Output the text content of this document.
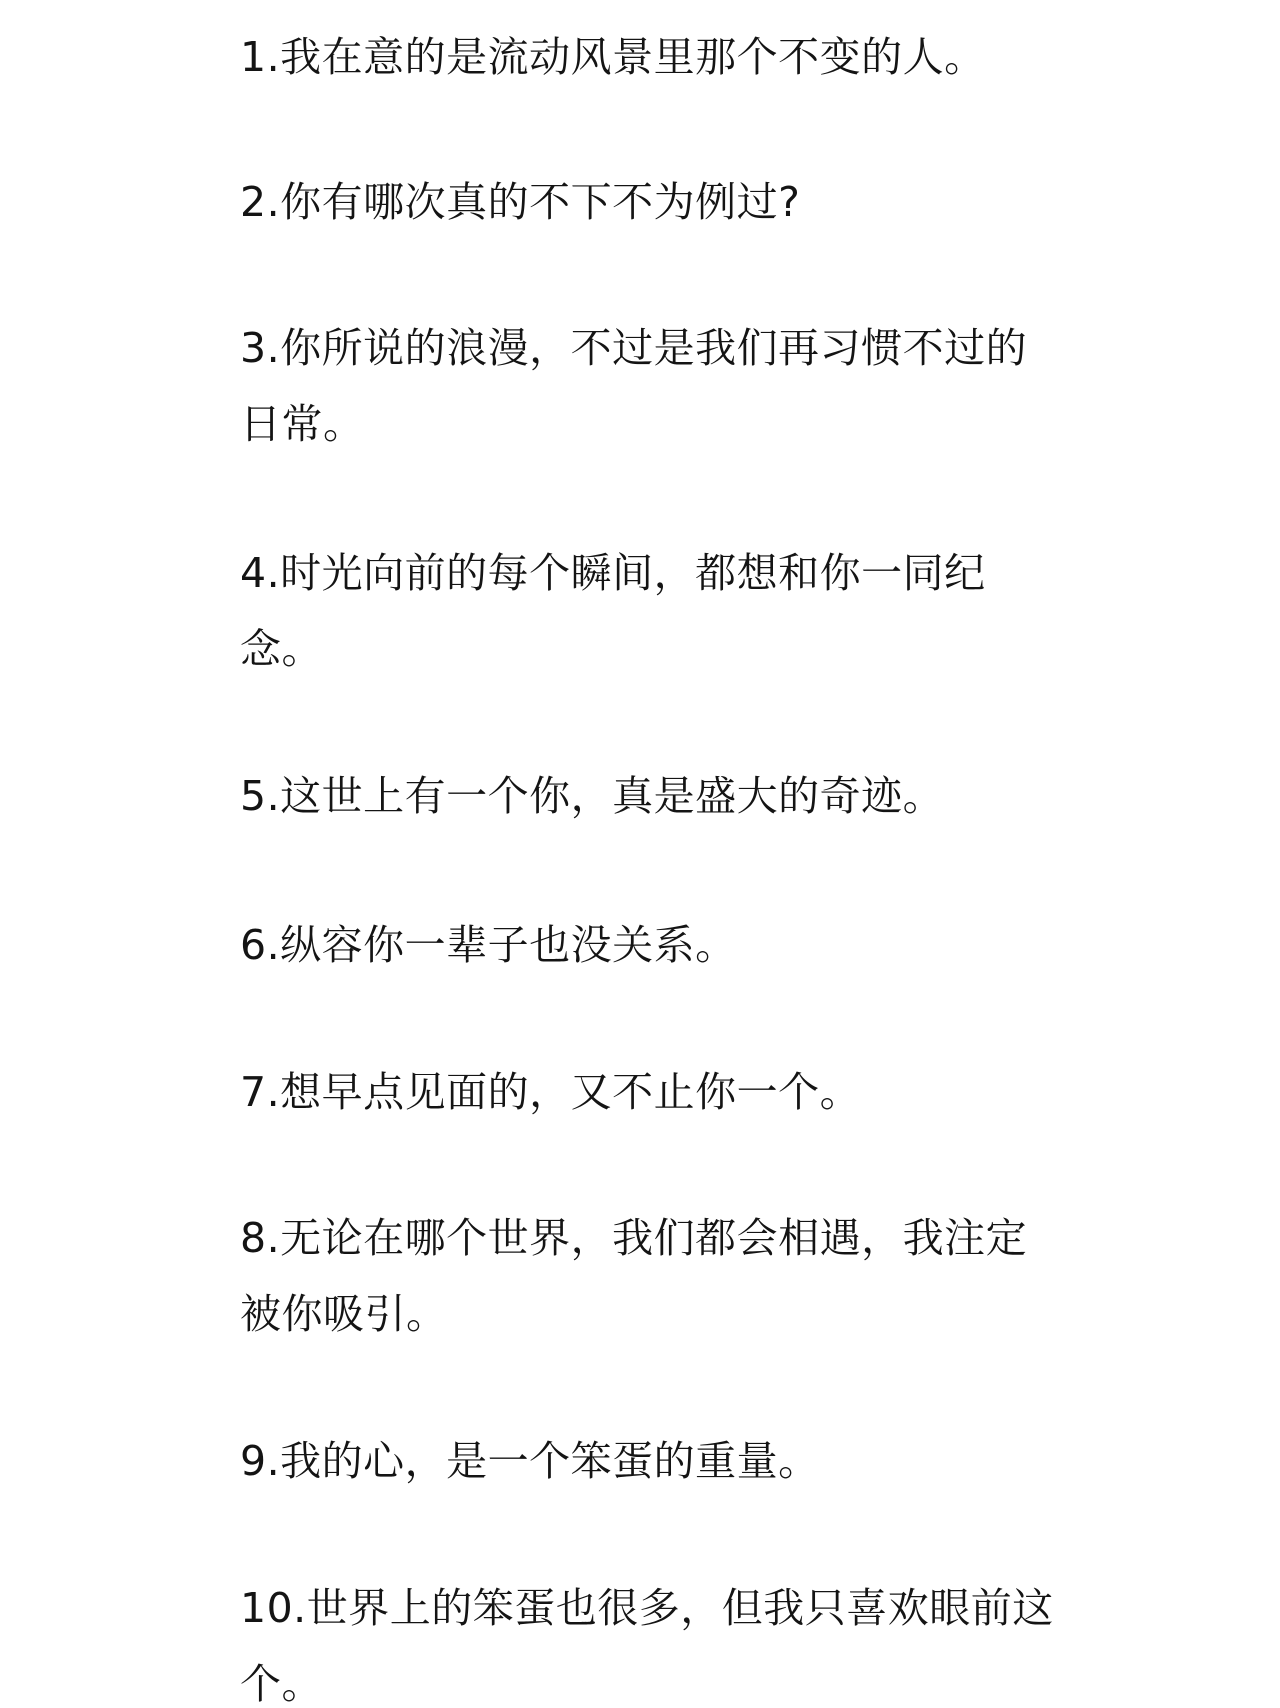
1.我在意的是流动风景里那个不变的人。

2.你有哪次真的不下不为例过?

3.你所说的浪漫，不过是我们再习惯不过的

日常。

4.时光向前的每个瞬间，都想和你一同纪

念。

5.这世上有一个你，真是盛大的奇迹。

6.纵容你一辈子也没关系。

7.想早点见面的，又不止你一个。

8.无论在哪个世界，我们都会相遇，我注定

被你吸引。

9.我的心，是一个笨蛋的重量。

10.世界上的笨蛋也很多，但我只喜欢眼前这

个。
